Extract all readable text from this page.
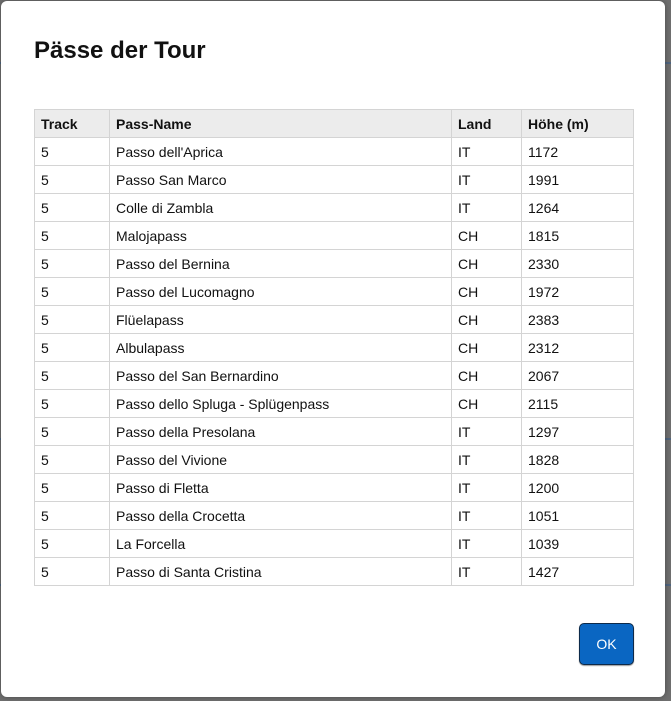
Pässe der Tour
Track	Pass-Name	Land	Höhe (m)
5	Passo dell'Aprica	IT	1172
5	Passo San Marco	IT	1991
5	Colle di Zambla	IT	1264
5	Malojapass	CH	1815
5	Passo del Bernina	CH	2330
5	Passo del Lucomagno	CH	1972
5	Flüelapass	CH	2383
5	Albulapass	CH	2312
5	Passo del San Bernardino	CH	2067
5	Passo dello Spluga - Splügenpass	CH	2115
5	Passo della Presolana	IT	1297
5	Passo del Vivione	IT	1828
5	Passo di Fletta	IT	1200
5	Passo della Crocetta	IT	1051
5	La Forcella	IT	1039
5	Passo di Santa Cristina	IT	1427
OK
